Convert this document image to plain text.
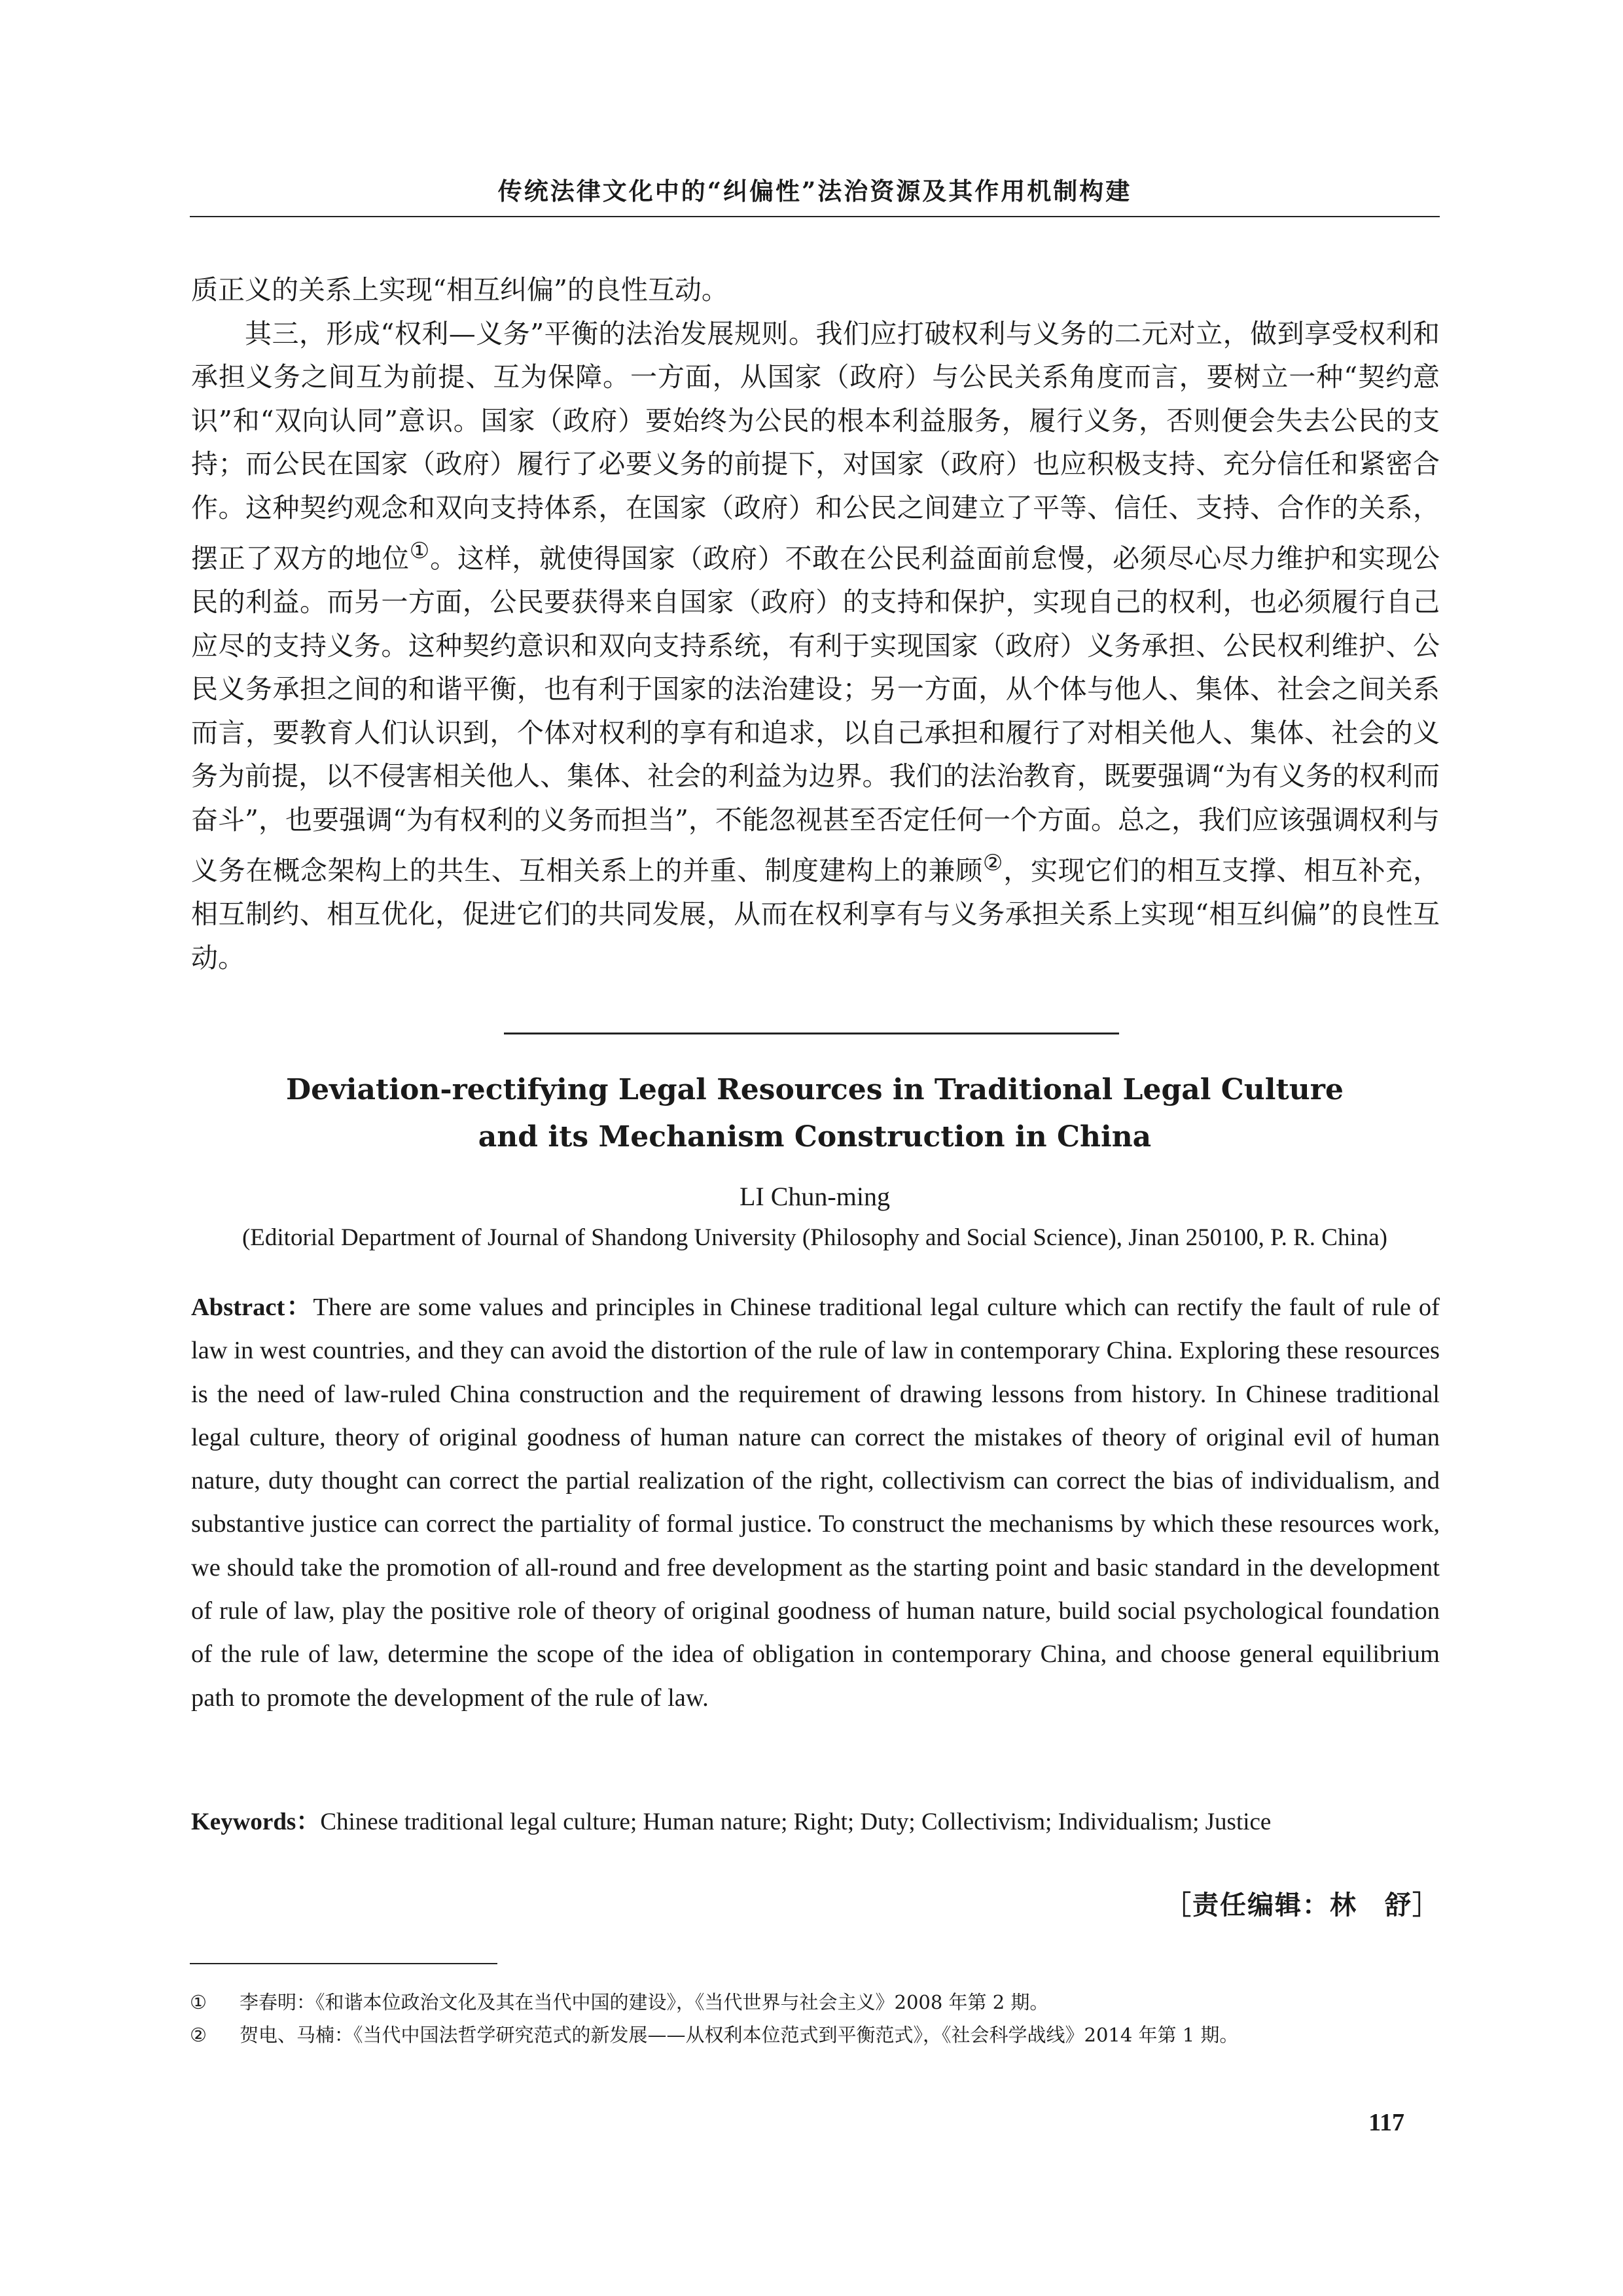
传统法律文化中的“纠偏性”法治资源及其作用机制构建

质正义的关系上实现“相互纠偏”的良性互动。

其三，形成“权利—义务”平衡的法治发展规则。我们应打破权利与义务的二元对立，做到享受权利和承担义务之间互为前提、互为保障。一方面，从国家（政府）与公民关系角度而言，要树立一种“契约意识”和“双向认同”意识。国家（政府）要始终为公民的根本利益服务，履行义务，否则便会失去公民的支持；而公民在国家（政府）履行了必要义务的前提下，对国家（政府）也应积极支持、充分信任和紧密合作。这种契约观念和双向支持体系，在国家（政府）和公民之间建立了平等、信任、支持、合作的关系，摆正了双方的地位①。这样，就使得国家（政府）不敢在公民利益面前怠慢，必须尽心尽力维护和实现公民的利益。而另一方面，公民要获得来自国家（政府）的支持和保护，实现自己的权利，也必须履行自己应尽的支持义务。这种契约意识和双向支持系统，有利于实现国家（政府）义务承担、公民权利维护、公民义务承担之间的和谐平衡，也有利于国家的法治建设；另一方面，从个体与他人、集体、社会之间关系而言，要教育人们认识到，个体对权利的享有和追求，以自己承担和履行了对相关他人、集体、社会的义务为前提，以不侵害相关他人、集体、社会的利益为边界。我们的法治教育，既要强调“为有义务的权利而奋斗”，也要强调“为有权利的义务而担当”，不能忽视甚至否定任何一个方面。总之，我们应该强调权利与义务在概念架构上的共生、互相关系上的并重、制度建构上的兼顾②，实现它们的相互支撑、相互补充，相互制约、相互优化，促进它们的共同发展，从而在权利享有与义务承担关系上实现“相互纠偏”的良性互动。

Deviation-rectifying Legal Resources in Traditional Legal Culture
and its Mechanism Construction in China
LI Chun-ming
(Editorial Department of Journal of Shandong University (Philosophy and Social Science), Jinan 250100, P. R. China)
Abstract：There are some values and principles in Chinese traditional legal culture which can rectify the fault of rule of law in west countries, and they can avoid the distortion of the rule of law in contemporary China. Exploring these resources is the need of law-ruled China construction and the requirement of drawing lessons from history. In Chinese traditional legal culture, theory of original goodness of human nature can correct the mistakes of theory of original evil of human nature, duty thought can correct the partial realization of the right, collectivism can correct the bias of individualism, and substantive justice can correct the partiality of formal justice. To construct the mechanisms by which these resources work, we should take the promotion of all-round and free development as the starting point and basic standard in the development of rule of law, play the positive role of theory of original goodness of human nature, build social psychological foundation of the rule of law, determine the scope of the idea of obligation in contemporary China, and choose general equilibrium path to promote the development of the rule of law.
Keywords：Chinese traditional legal culture; Human nature; Right; Duty; Collectivism; Individualism; Justice
［责任编辑：林　舒］
① 李春明：《和谐本位政治文化及其在当代中国的建设》，《当代世界与社会主义》2008 年第 2 期。
② 贺电、马楠：《当代中国法哲学研究范式的新发展——从权利本位范式到平衡范式》，《社会科学战线》2014 年第 1 期。
117
